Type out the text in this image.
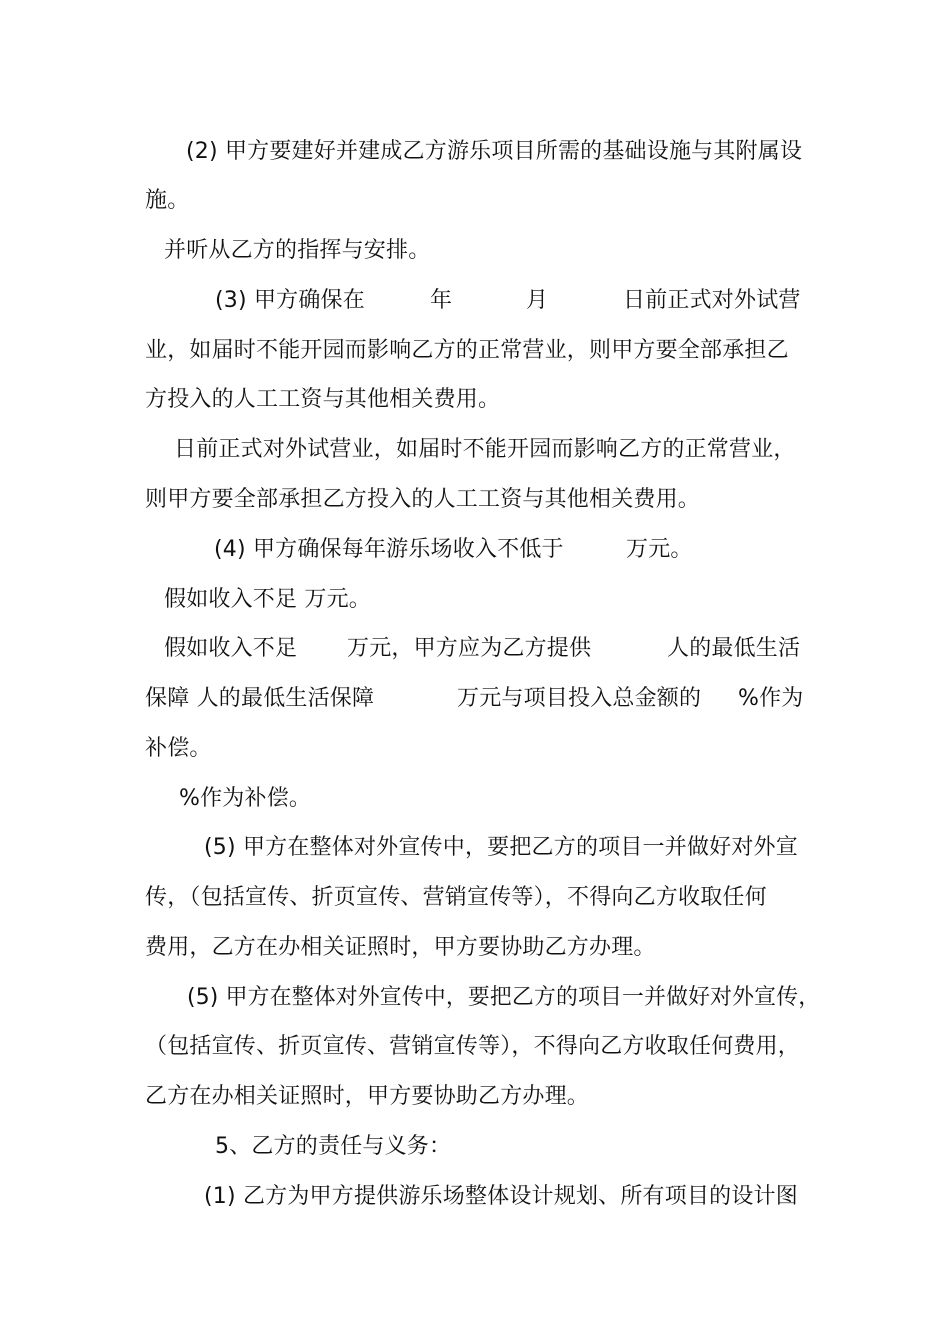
(2) 甲方要建好并建成乙方游乐项目所需的基础设施与其附属设
施。
并听从乙方的指挥与安排。
(3) 甲方确保在	年	月	日前正式对外试营
业，如届时不能开园而影响乙方的正常营业，则甲方要全部承担乙
方投入的人工工资与其他相关费用。
日前正式对外试营业，如届时不能开园而影响乙方的正常营业，
则甲方要全部承担乙方投入的人工工资与其他相关费用。
(4) 甲方确保每年游乐场收入不低于	万元。
假如收入不足 万元。
假如收入不足 万元，甲方应为乙方提供	人的最低生活
保障 人的最低生活保障	万元与项目投入总金额的 %作为
补偿。
%作为补偿。
(5) 甲方在整体对外宣传中，要把乙方的项目一并做好对外宣
传，（包括宣传、折页宣传、营销宣传等），不得向乙方收取任何
费用，乙方在办相关证照时，甲方要协助乙方办理。
(5) 甲方在整体对外宣传中，要把乙方的项目一并做好对外宣传，
（包括宣传、折页宣传、营销宣传等），不得向乙方收取任何费用，
乙方在办相关证照时，甲方要协助乙方办理。
5、乙方的责任与义务：
(1) 乙方为甲方提供游乐场整体设计规划、所有项目的设计图
